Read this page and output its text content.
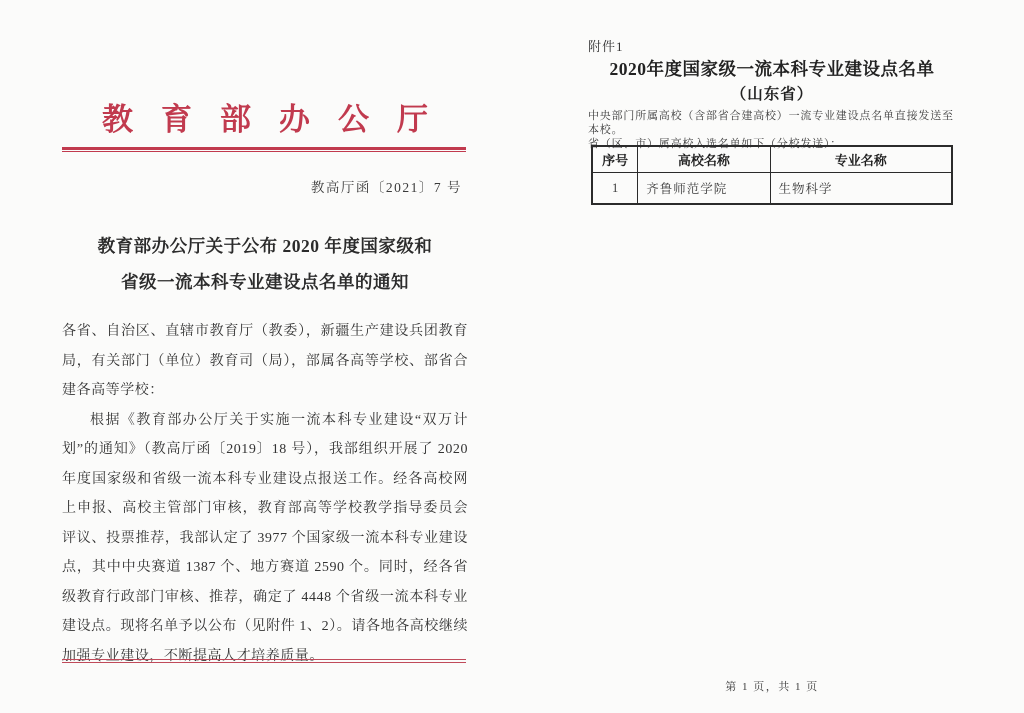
教育部办公厅
教高厅函〔2021〕7 号
教育部办公厅关于公布 2020 年度国家级和
省级一流本科专业建设点名单的通知

各省、自治区、直辖市教育厅（教委），新疆生产建设兵团教育局，有关部门（单位）教育司（局），部属各高等学校、部省合建各高等学校：

根据《教育部办公厅关于实施一流本科专业建设“双万计划”的通知》（教高厅函〔2019〕18 号），我部组织开展了 2020 年度国家级和省级一流本科专业建设点报送工作。经各高校网上申报、高校主管部门审核，教育部高等学校教学指导委员会评议、投票推荐，我部认定了 3977 个国家级一流本科专业建设点，其中中央赛道 1387 个、地方赛道 2590 个。同时，经各省级教育行政部门审核、推荐，确定了 4448 个省级一流本科专业建设点。现将名单予以公布（见附件 1、2）。请各地各高校继续加强专业建设，不断提高人才培养质量。

附件1
2020年度国家级一流本科专业建设点名单
（山东省）
中央部门所属高校（含部省合建高校）一流专业建设点名单直接发送至本校。
省（区、市）属高校入选名单如下（分校发送）：
序号	高校名称	专业名称
1	齐鲁师范学院	生物科学
第 1 页，共 1 页
